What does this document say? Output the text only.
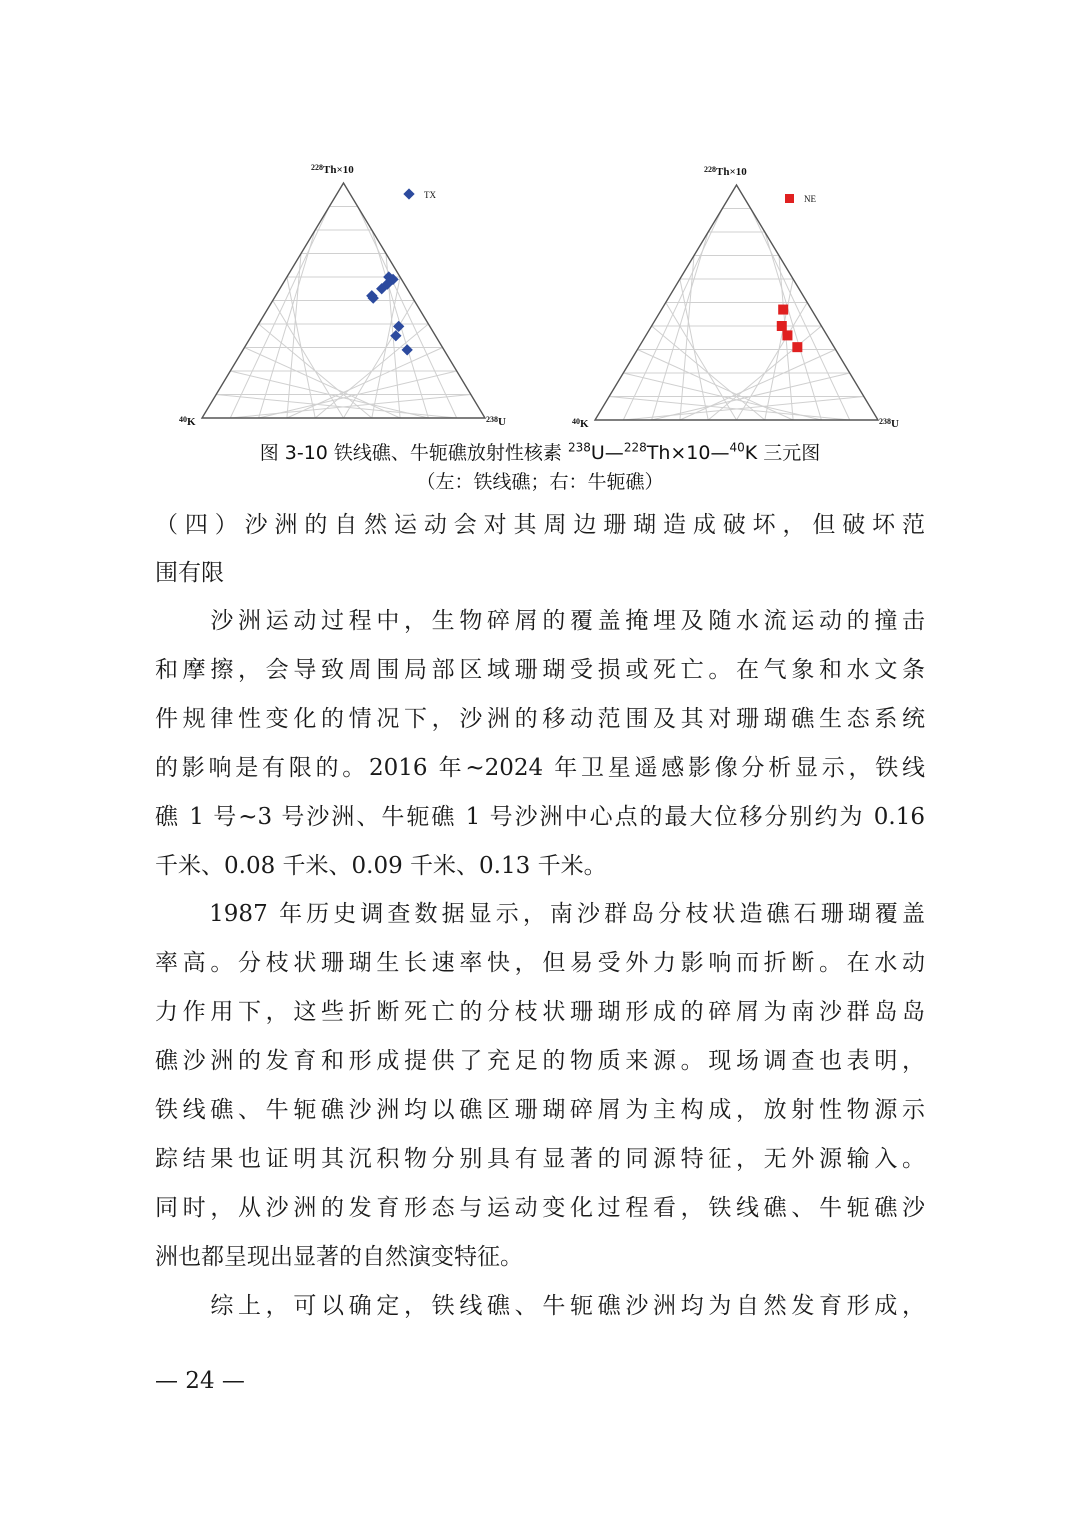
$^{228}$Th×10
$^{40}$K	$^{238}$U
TX
$^{228}$Th×10
$^{40}$K	$^{238}$U
NE
图 3-10 铁线礁、牛轭礁放射性核素 $^{238}$U—$^{228}$Th×10—$^{40}$K 三元图
（左：铁线礁；右：牛轭礁）
（四）沙洲的自然运动会对其周边珊瑚造成破坏，但破坏范
围有限
　　沙洲运动过程中，生物碎屑的覆盖掩埋及随水流运动的撞击
和摩擦，会导致周围局部区域珊瑚受损或死亡。在气象和水文条
件规律性变化的情况下，沙洲的移动范围及其对珊瑚礁生态系统
的影响是有限的。2016 年~2024 年卫星遥感影像分析显示，铁线
礁 1 号~3 号沙洲、牛轭礁 1 号沙洲中心点的最大位移分别约为 0.16
千米、0.08 千米、0.09 千米、0.13 千米。
　　1987 年历史调查数据显示，南沙群岛分枝状造礁石珊瑚覆盖
率高。分枝状珊瑚生长速率快，但易受外力影响而折断。在水动
力作用下，这些折断死亡的分枝状珊瑚形成的碎屑为南沙群岛岛
礁沙洲的发育和形成提供了充足的物质来源。现场调查也表明，
铁线礁、牛轭礁沙洲均以礁区珊瑚碎屑为主构成，放射性物源示
踪结果也证明其沉积物分别具有显著的同源特征，无外源输入。
同时，从沙洲的发育形态与运动变化过程看，铁线礁、牛轭礁沙
洲也都呈现出显著的自然演变特征。
　　综上，可以确定，铁线礁、牛轭礁沙洲均为自然发育形成，
— 24 —
